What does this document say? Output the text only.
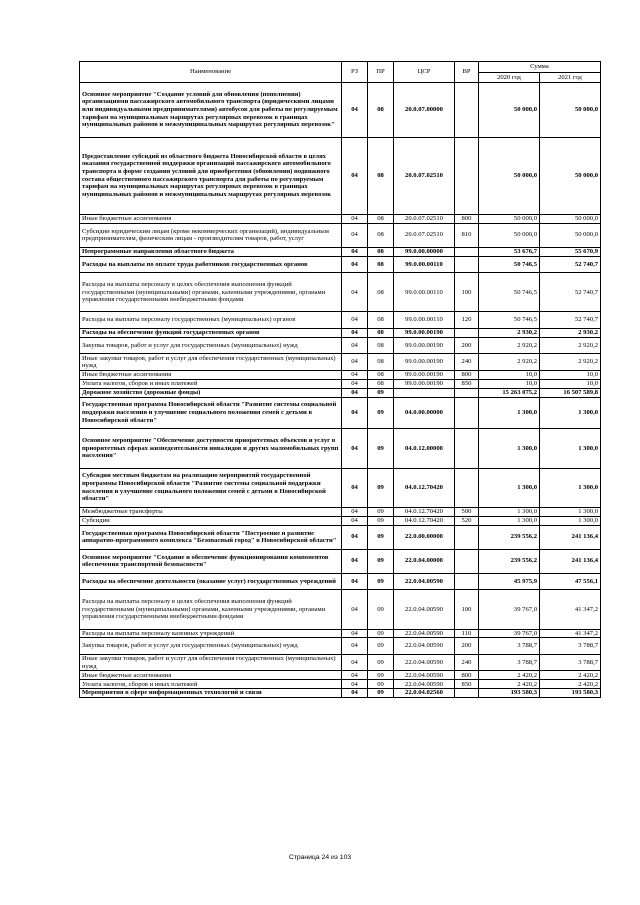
Наименование	РЗ	ПР	ЦСР	ВР	Сумма	
					2020 год	2021 год
Основное мероприятие "Создание условий для обновления (пополнения) организациями пассажирского автомобильного транспорта (юридическими лицами или индивидуальными предпринимателями) автобусов для работы по регулируемым тарифам на муниципальных маршрутах регулярных перевозок в границах муниципальных районов и межмуниципальных маршрутах регулярных перевозок"	04	08	20.0.07.00000		50 000,0	50 000,0
Предоставление субсидий из областного бюджета Новосибирской области в целях оказания государственной поддержки организаций пассажирского автомобильного транспорта в форме создания условий для приобретения (обновления) подвижного состава общественного пассажирского транспорта для работы по регулируемым тарифам на муниципальных маршрутах регулярных перевозок в границах муниципальных районов и межмуниципальных маршрутах регулярных перевозок	04	08	20.0.07.02510		50 000,0	50 000,0
Иные бюджетные ассигнования	04	08	20.0.07.02510	800	50 000,0	50 000,0
Субсидии юридическим лицам (кроме некоммерческих организаций), индивидуальным предпринимателям, физическим лицам - производителям товаров, работ, услуг	04	08	20.0.07.02510	810	50 000,0	50 000,0
Непрограммные направления областного бюджета	04	08	99.0.00.00000		53 676,7	55 670,9
Расходы на выплаты по оплате труда работников государственных органов	04	08	99.0.00.00110		50 746,5	52 740,7
Расходы на выплаты персоналу в целях обеспечения выполнения функций государственными (муниципальными) органами, казенными учреждениями, органами управления государственными внебюджетными фондами	04	08	99.0.00.00110	100	50 746,5	52 740,7
Расходы на выплаты персоналу государственных (муниципальных) органов	04	08	99.0.00.00110	120	50 746,5	52 740,7
Расходы на обеспечение функций государственных органов	04	08	99.0.00.00190		2 930,2	2 930,2
Закупка товаров, работ и услуг для государственных (муниципальных) нужд	04	08	99.0.00.00190	200	2 920,2	2 920,2
Иные закупки товаров, работ и услуг для обеспечения государственных (муниципальных) нужд	04	08	99.0.00.00190	240	2 920,2	2 920,2
Иные бюджетные ассигнования	04	08	99.0.00.00190	800	10,0	10,0
Уплата налогов, сборов и иных платежей	04	08	99.0.00.00190	850	10,0	10,0
Дорожное хозяйство (дорожные фонды)	04	09			15 263 075,2	16 507 589,8
Государственная программа Новосибирской области "Развитие системы социальной поддержки населения и улучшение социального положения семей с детьми в Новосибирской области"	04	09	04.0.00.00000		1 300,0	1 300,0
Основное мероприятие "Обеспечение доступности приоритетных объектов и услуг в приоритетных сферах жизнедеятельности инвалидов и других маломобильных групп населения"	04	09	04.0.12.00000		1 300,0	1 300,0
Субсидии местным бюджетам на реализацию мероприятий государственной программы Новосибирской области "Развитие системы социальной поддержки населения и улучшение социального положения семей с детьми в Новосибирской области"	04	09	04.0.12.70420		1 300,0	1 300,0
Межбюджетные трансферты	04	09	04.0.12.70420	500	1 300,0	1 300,0
Субсидии	04	09	04.0.12.70420	520	1 300,0	1 300,0
Государственная программа Новосибирской области "Построение и развитие аппаратно-программного комплекса "Безопасный город" в Новосибирской области"	04	09	22.0.00.00000		239 556,2	241 136,4
Основное мероприятие "Создание и обеспечение функционирования компонентов обеспечения транспортной безопасности"	04	09	22.0.04.00000		239 556,2	241 136,4
Расходы на обеспечение деятельности (оказание услуг) государственных учреждений	04	09	22.0.04.00590		45 975,9	47 556,1
Расходы на выплаты персоналу в целях обеспечения выполнения функций государственными (муниципальными) органами, казенными учреждениями, органами управления государственными внебюджетными фондами	04	09	22.0.04.00590	100	39 767,0	41 347,2
Расходы на выплаты персоналу казенных учреждений	04	09	22.0.04.00590	110	39 767,0	41 347,2
Закупка товаров, работ и услуг для государственных (муниципальных) нужд	04	09	22.0.04.00590	200	3 788,7	3 788,7
Иные закупки товаров, работ и услуг для обеспечения государственных (муниципальных) нужд	04	09	22.0.04.00590	240	3 788,7	3 788,7
Иные бюджетные ассигнования	04	09	22.0.04.00590	800	2 420,2	2 420,2
Уплата налогов, сборов и иных платежей	04	09	22.0.04.00590	850	2 420,2	2 420,2
Мероприятия в сфере информационных технологий и связи	04	09	22.0.04.02560		193 580,3	193 580,3
Страница 24 из 103
